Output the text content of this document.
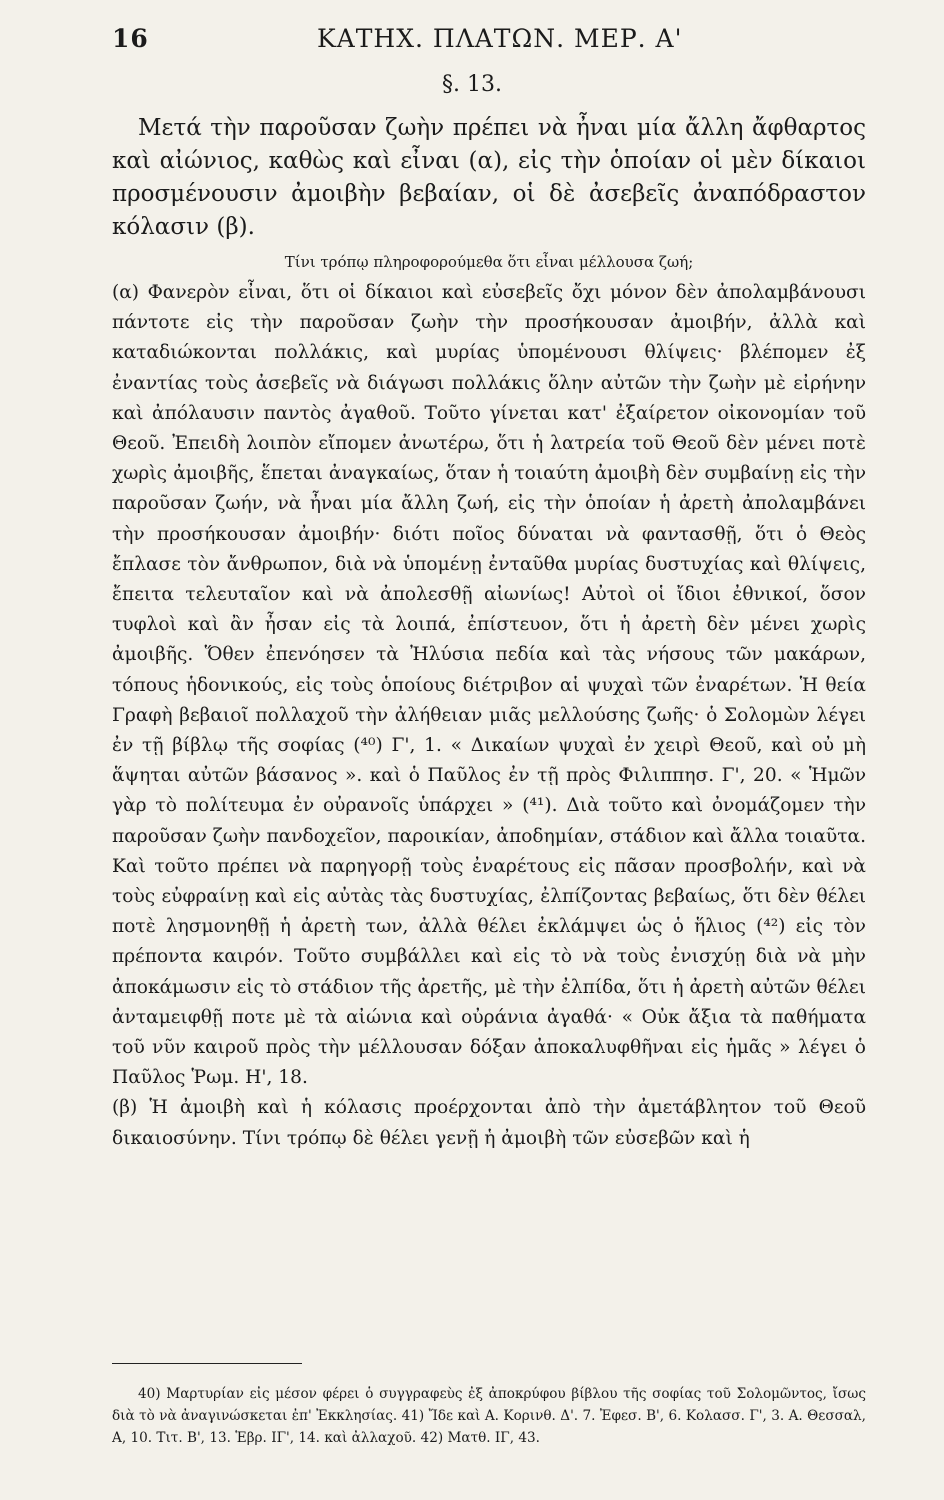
16	ΚΑΤΗΧ. ΠΛΑΤΩΝ. ΜΕΡ. Α'
§. 13.

Μετά τὴν παροῦσαν ζωὴν πρέπει νὰ ἦναι μία ἄλλη ἄφθαρτος καὶ αἰώνιος, καθὼς καὶ εἶναι (α), εἰς τὴν ὁποίαν οἱ μὲν δίκαιοι προσμένουσιν ἀμοιβὴν βεβαίαν, οἱ δὲ ἀσεβεῖς ἀναπόδραστον κόλασιν (β).

Τίνι τρόπῳ πληροφορούμεθα ὅτι εἶναι μέλλουσα ζωή;

(α) Φανερὸν εἶναι, ὅτι οἱ δίκαιοι καὶ εὐσεβεῖς ὄχι μόνον δὲν ἀπολαμβάνουσι πάντοτε εἰς τὴν παροῦσαν ζωὴν τὴν προσήκουσαν ἀμοιβήν, ἀλλὰ καὶ καταδιώκονται πολλάκις, καὶ μυρίας ὑπομένουσι θλίψεις· βλέπομεν ἐξ ἐναντίας τοὺς ἀσεβεῖς νὰ διάγωσι πολλάκις ὅλην αὐτῶν τὴν ζωὴν μὲ εἰρήνην καὶ ἀπόλαυσιν παντὸς ἀγαθοῦ. Τοῦτο γίνεται κατ' ἐξαίρετον οἰκονομίαν τοῦ Θεοῦ. Ἐπειδὴ λοιπὸν εἴπομεν ἀνωτέρω, ὅτι ἡ λατρεία τοῦ Θεοῦ δὲν μένει ποτὲ χωρὶς ἀμοιβῆς, ἕπεται ἀναγκαίως, ὅταν ἡ τοιαύτη ἀμοιβὴ δὲν συμβαίνῃ εἰς τὴν παροῦσαν ζωήν, νὰ ἦναι μία ἄλλη ζωή, εἰς τὴν ὁποίαν ἡ ἀρετὴ ἀπολαμβάνει τὴν προσήκουσαν ἀμοιβήν· διότι ποῖος δύναται νὰ φαντασθῇ, ὅτι ὁ Θεὸς ἔπλασε τὸν ἄνθρωπον, διὰ νὰ ὑπομένῃ ἐνταῦθα μυρίας δυστυχίας καὶ θλίψεις, ἔπειτα τελευταῖον καὶ νὰ ἀπολεσθῇ αἰωνίως! Αὐτοὶ οἱ ἴδιοι ἐθνικοί, ὅσον τυφλοὶ καὶ ἂν ἦσαν εἰς τὰ λοιπά, ἐπίστευον, ὅτι ἡ ἀρετὴ δὲν μένει χωρὶς ἀμοιβῆς. Ὅθεν ἐπενόησεν τὰ Ἠλύσια πεδία καὶ τὰς νήσους τῶν μακάρων, τόπους ἡδονικούς, εἰς τοὺς ὁποίους διέτριβον αἱ ψυχαὶ τῶν ἐναρέτων. Ἡ θεία Γραφὴ βεβαιοῖ πολλαχοῦ τὴν ἀλήθειαν μιᾶς μελλούσης ζωῆς· ὁ Σολομὼν λέγει ἐν τῇ βίβλῳ τῆς σοφίας (⁴⁰) Γ', 1. « Δικαίων ψυχαὶ ἐν χειρὶ Θεοῦ, καὶ οὐ μὴ ἅψηται αὐτῶν βάσανος ». καὶ ὁ Παῦλος ἐν τῇ πρὸς Φιλιππησ. Γ', 20. « Ἡμῶν γὰρ τὸ πολίτευμα ἐν οὐρανοῖς ὑπάρχει » (⁴¹). Διὰ τοῦτο καὶ ὀνομάζομεν τὴν παροῦσαν ζωὴν πανδοχεῖον, παροικίαν, ἀποδημίαν, στάδιον καὶ ἄλλα τοιαῦτα. Καὶ τοῦτο πρέπει νὰ παρηγορῇ τοὺς ἐναρέτους εἰς πᾶσαν προσβολήν, καὶ νὰ τοὺς εὐφραίνῃ καὶ εἰς αὐτὰς τὰς δυστυχίας, ἐλπίζοντας βεβαίως, ὅτι δὲν θέλει ποτὲ λησμονηθῇ ἡ ἀρετὴ των, ἀλλὰ θέλει ἐκλάμψει ὡς ὁ ἥλιος (⁴²) εἰς τὸν πρέποντα καιρόν. Τοῦτο συμβάλλει καὶ εἰς τὸ νὰ τοὺς ἐνισχύῃ διὰ νὰ μὴν ἀποκάμωσιν εἰς τὸ στάδιον τῆς ἀρετῆς, μὲ τὴν ἐλπίδα, ὅτι ἡ ἀρετὴ αὐτῶν θέλει ἀνταμειφθῇ ποτε μὲ τὰ αἰώνια καὶ οὐράνια ἀγαθά· « Οὐκ ἄξια τὰ παθήματα τοῦ νῦν καιροῦ πρὸς τὴν μέλλουσαν δόξαν ἀποκαλυφθῆναι εἰς ἡμᾶς » λέγει ὁ Παῦλος Ῥωμ. Η', 18.

(β) Ἡ ἀμοιβὴ καὶ ἡ κόλασις προέρχονται ἀπὸ τὴν ἀμετάβλητον τοῦ Θεοῦ δικαιοσύνην. Τίνι τρόπῳ δὲ θέλει γενῇ ἡ ἀμοιβὴ τῶν εὐσεβῶν καὶ ἡ

40) Μαρτυρίαν εἰς μέσον φέρει ὁ συγγραφεὺς ἐξ ἀποκρύφου βίβλου τῆς σοφίας τοῦ Σολομῶντος, ἴσως διὰ τὸ νὰ ἀναγινώσκεται ἐπ' Ἐκκλησίας. 41) Ἴδε καὶ Α. Κορινθ. Δ'. 7. Ἐφεσ. Β', 6. Κολασσ. Γ', 3. Α. Θεσσαλ, Α, 10. Τιτ. Β', 13. Ἑβρ. ΙΓ', 14. καὶ ἀλλαχοῦ. 42) Ματθ. ΙΓ, 43.
